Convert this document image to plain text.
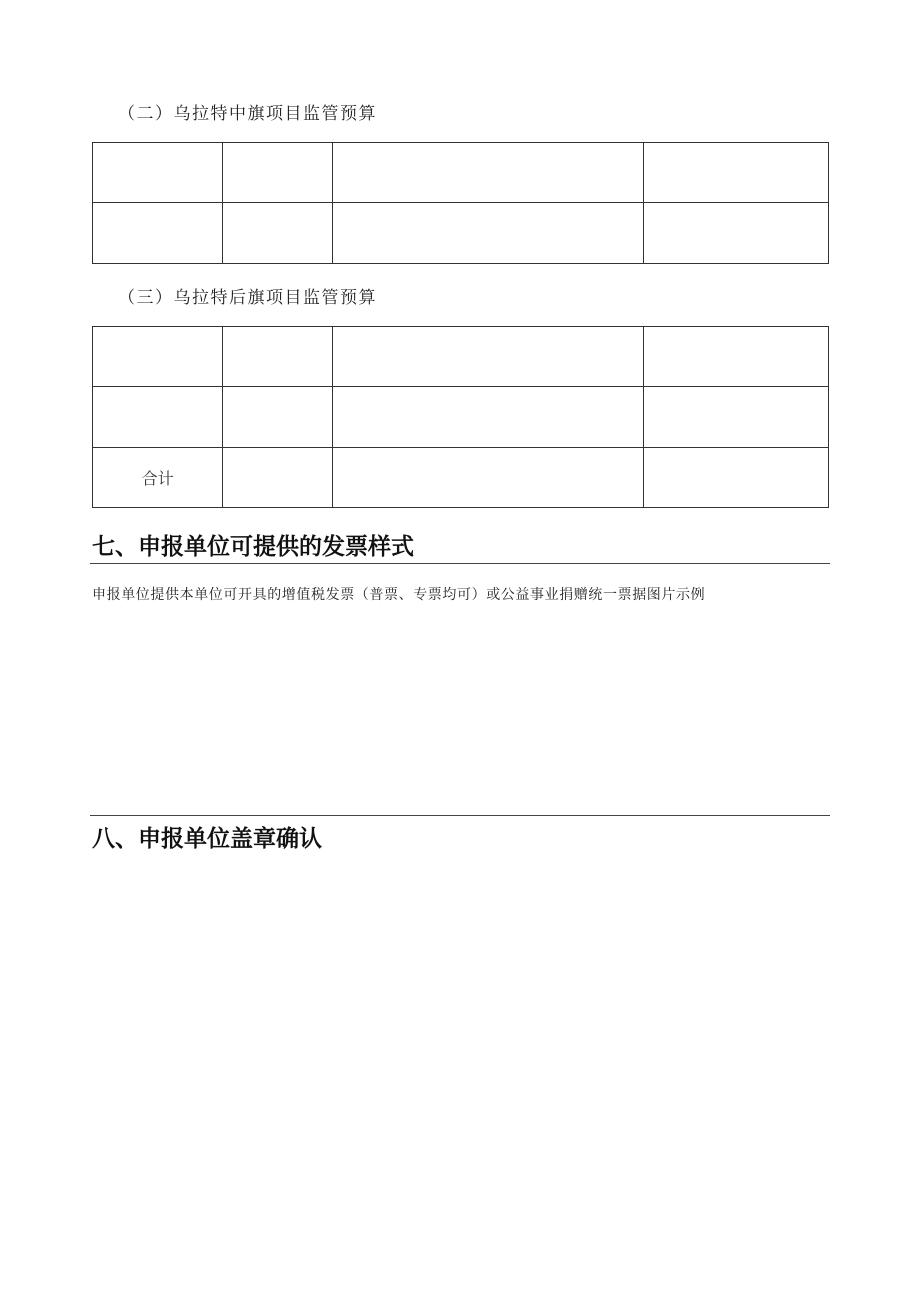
（二）乌拉特中旗项目监管预算

（三）乌拉特后旗项目监管预算

合计			
七、申报单位可提供的发票样式
申报单位提供本单位可开具的增值税发票（普票、专票均可）或公益事业捐赠统一票据图片示例
八、申报单位盖章确认
